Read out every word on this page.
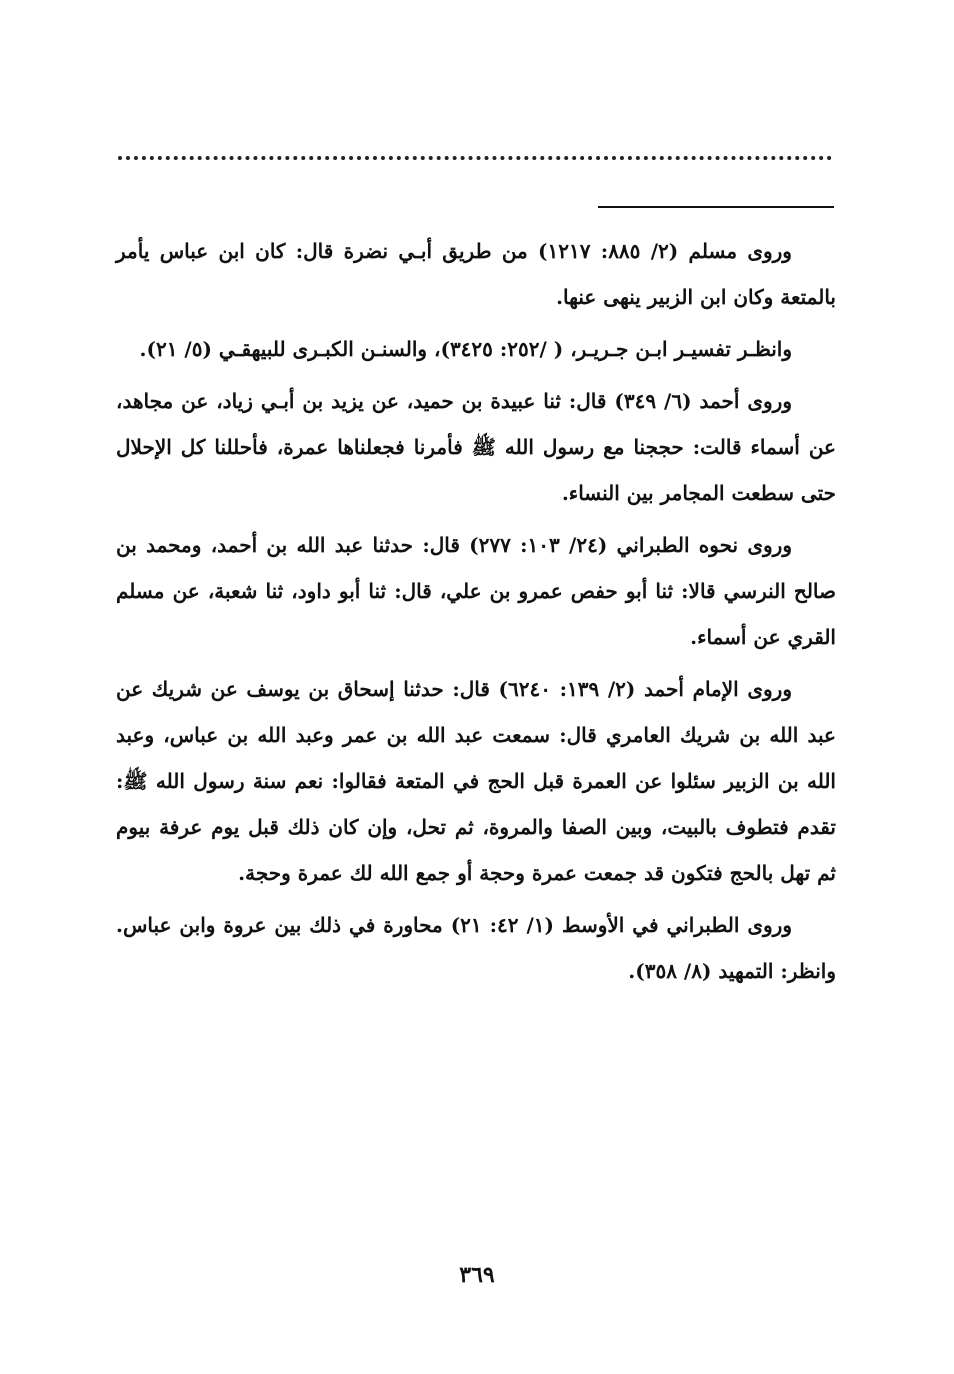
وروى مسلم (٢/ ٨٨٥: ١٢١٧) من طريق أبـي نضرة قال: كان ابن عباس يأمر بالمتعة وكان ابن الزبير ينهى عنها.

وانظـر تفسيـر ابـن جـريـر، ( /٢٥٢: ٣٤٢٥)، والسنـن الكبـرى للبيهقـي (٥/ ٢١).

وروى أحمد (٦/ ٣٤٩) قال: ثنا عبيدة بن حميد، عن يزيد بن أبـي زياد، عن مجاهد، عن أسماء قالت: حججنا مع رسول الله ﷺ فأمرنا فجعلناها عمرة، فأحللنا كل الإحلال حتى سطعت المجامر بين النساء.

وروى نحوه الطبراني (٢٤/ ١٠٣: ٢٧٧) قال: حدثنا عبد الله بن أحمد، ومحمد بن صالح النرسي قالا: ثنا أبو حفص عمرو بن علي، قال: ثنا أبو داود، ثنا شعبة، عن مسلم القري عن أسماء.

وروى الإمام أحمد (٢/ ١٣٩: ٦٢٤٠) قال: حدثنا إسحاق بن يوسف عن شريك عن عبد الله بن شريك العامري قال: سمعت عبد الله بن عمر وعبد الله بن عباس، وعبد الله بن الزبير سئلوا عن العمرة قبل الحج في المتعة فقالوا: نعم سنة رسول الله ﷺ: تقدم فتطوف بالبيت، وبين الصفا والمروة، ثم تحل، وإن كان ذلك قبل يوم عرفة بيوم ثم تهل بالحج فتكون قد جمعت عمرة وحجة أو جمع الله لك عمرة وحجة.

وروى الطبراني في الأوسط (١/ ٤٢: ٢١) محاورة في ذلك بين عروة وابن عباس. وانظر: التمهيد (٨/ ٣٥٨).

٣٦٩
